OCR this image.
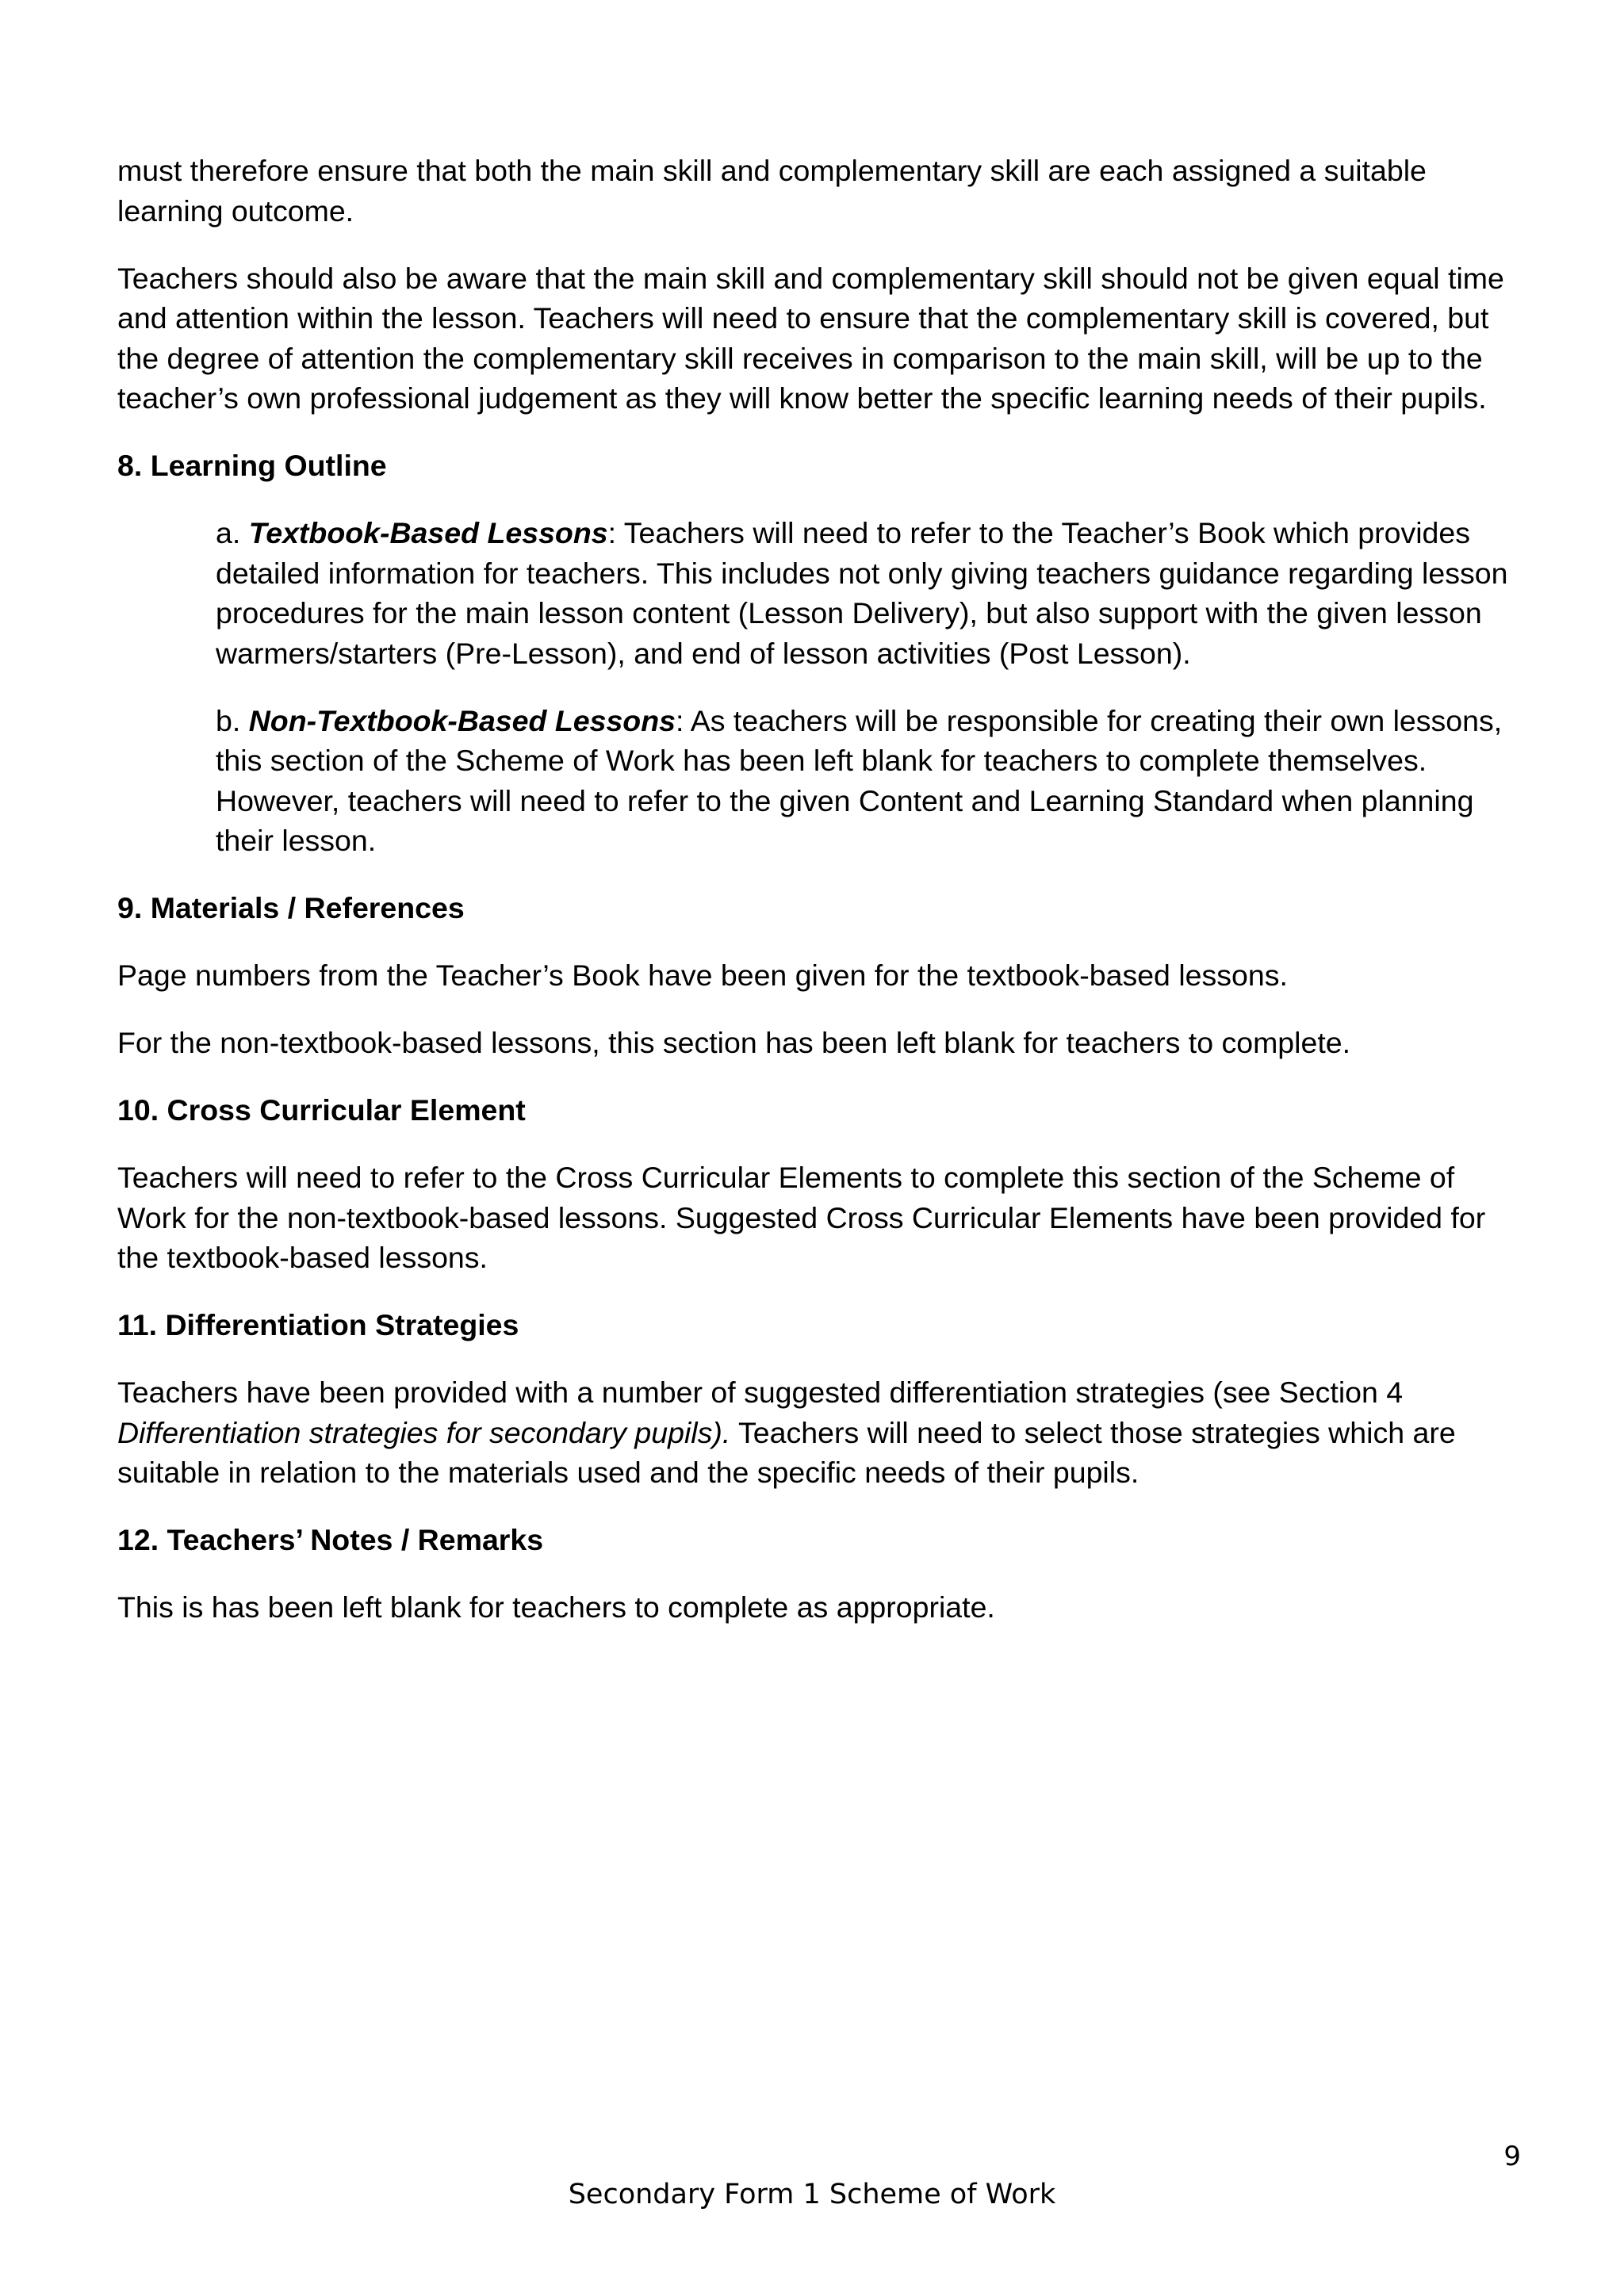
must therefore ensure that both the main skill and complementary skill are each assigned a suitable learning outcome.

Teachers should also be aware that the main skill and complementary skill should not be given equal time and attention within the lesson. Teachers will need to ensure that the complementary skill is covered, but the degree of attention the complementary skill receives in comparison to the main skill, will be up to the teacher’s own professional judgement as they will know better the specific learning needs of their pupils.

8. Learning Outline

a. Textbook-Based Lessons: Teachers will need to refer to the Teacher’s Book which provides detailed information for teachers. This includes not only giving teachers guidance regarding lesson procedures for the main lesson content (Lesson Delivery), but also support with the given lesson warmers/starters (Pre-Lesson), and end of lesson activities (Post Lesson).

b. Non-Textbook-Based Lessons: As teachers will be responsible for creating their own lessons, this section of the Scheme of Work has been left blank for teachers to complete themselves. However, teachers will need to refer to the given Content and Learning Standard when planning their lesson.

9. Materials / References

Page numbers from the Teacher’s Book have been given for the textbook-based lessons.

For the non-textbook-based lessons, this section has been left blank for teachers to complete.

10. Cross Curricular Element

Teachers will need to refer to the Cross Curricular Elements to complete this section of the Scheme of Work for the non-textbook-based lessons. Suggested Cross Curricular Elements have been provided for the textbook-based lessons.

11. Differentiation Strategies

Teachers have been provided with a number of suggested differentiation strategies (see Section 4 Differentiation strategies for secondary pupils). Teachers will need to select those strategies which are suitable in relation to the materials used and the specific needs of their pupils.

12. Teachers’ Notes / Remarks

This is has been left blank for teachers to complete as appropriate.

9
Secondary Form 1 Scheme of Work
